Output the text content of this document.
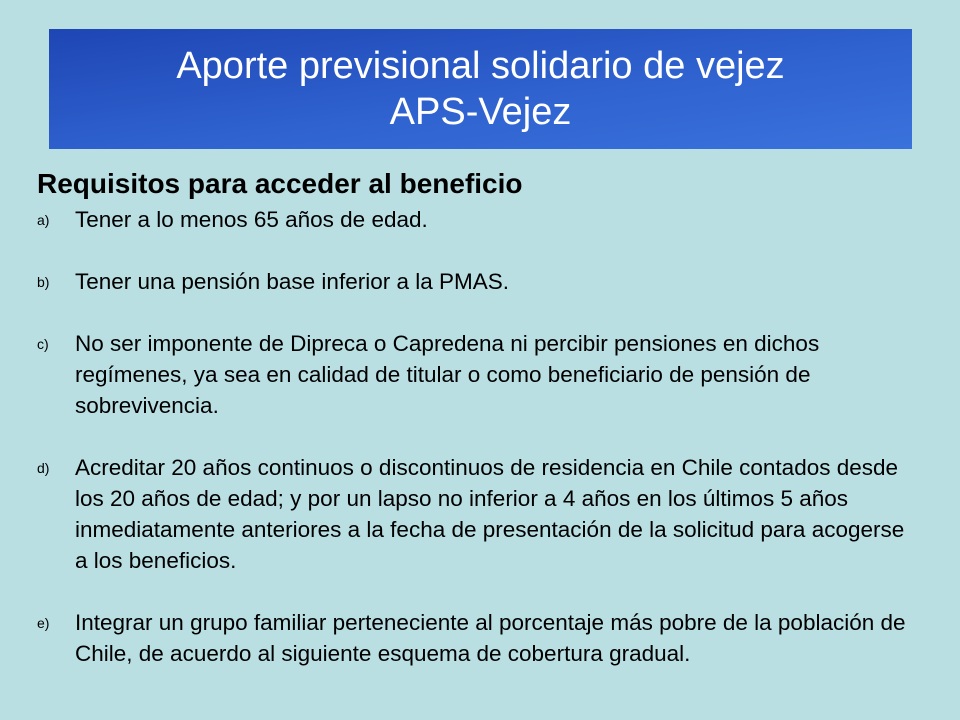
Aporte previsional solidario de vejez
APS-Vejez
Requisitos para acceder al beneficio
a) Tener a lo menos 65 años de edad.
b) Tener una pensión base inferior a la PMAS.
c) No ser imponente de Dipreca o Capredena ni percibir pensiones en dichos regímenes, ya sea en calidad de titular o como beneficiario de pensión de sobrevivencia.
d) Acreditar 20 años continuos o discontinuos de residencia en Chile contados desde los 20 años de edad; y por un lapso no inferior a 4 años en los últimos 5 años inmediatamente anteriores a la fecha de presentación de la solicitud para acogerse a los beneficios.
e) Integrar un grupo familiar perteneciente al porcentaje más pobre de la población de Chile, de acuerdo al siguiente esquema de cobertura gradual.
